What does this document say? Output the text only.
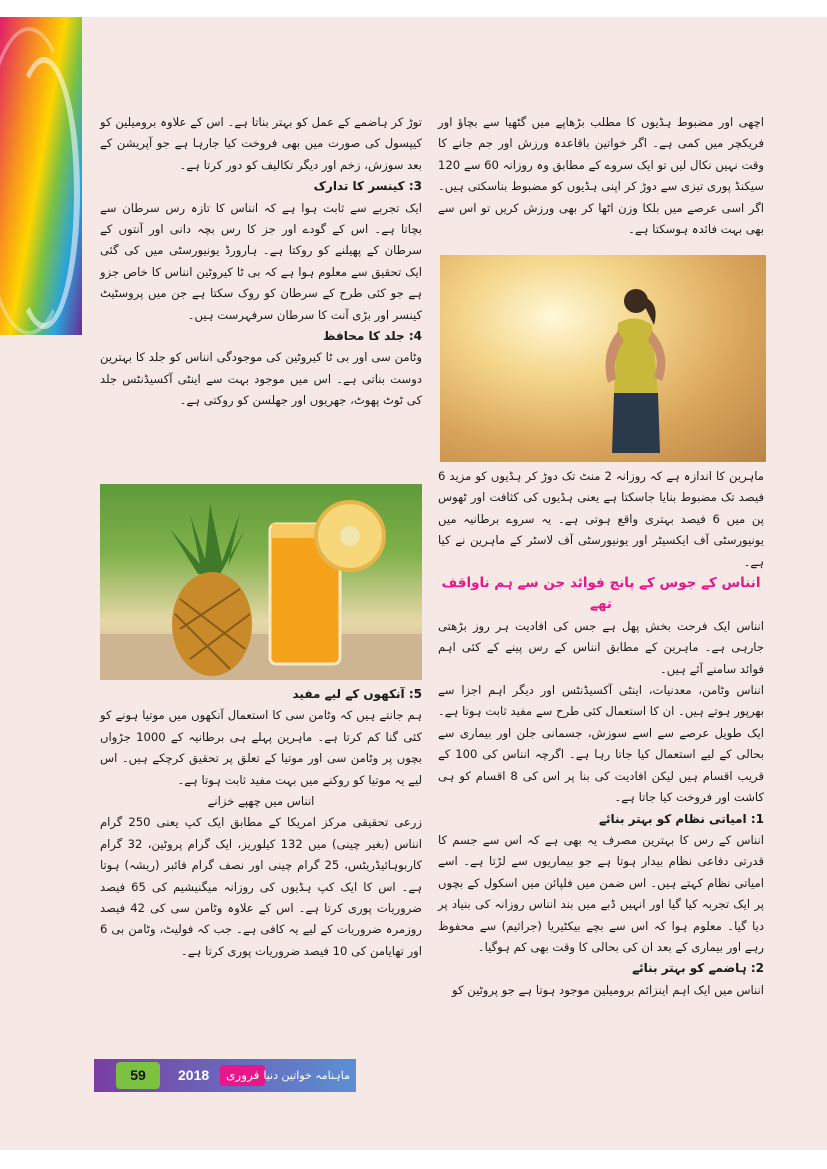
اچھی اور مضبوط ہڈیوں کا مطلب بڑھاپے میں گٹھیا سے بچاؤ اور فریکچر میں کمی ہے۔ اگر خواتین باقاعدہ ورزش اور جم جانے کا وقت نہیں نکال لیں تو ایک سروے کے مطابق وہ روزانہ 60 سے 120 سیکنڈ پوری تیزی سے دوڑ کر اپنی ہڈیوں کو مضبوط بناسکتی ہیں۔ اگر اسی عرصے میں بلکا وزن اٹھا کر بھی ورزش کریں تو اس سے بھی بہت فائدہ ہوسکتا ہے۔

ماہرین کا اندازہ ہے کہ روزانہ 2 منٹ تک دوڑ کر ہڈیوں کو مزید 6 فیصد تک مضبوط بنایا جاسکتا ہے یعنی ہڈیوں کی کثافت اور ٹھوس پن میں 6 فیصد بہتری واقع ہوتی ہے۔ یہ سروے برطانیہ میں یونیورسٹی آف ایکسیٹر اور یونیورسٹی آف لاسٹر کے ماہرین نے کیا ہے۔

انناس کے جوس کے پانچ فوائد جن سے ہم ناواقف تھے

انناس ایک فرحت بخش پھل ہے جس کی افادیت ہر روز بڑھتی جارہی ہے۔ ماہرین کے مطابق انناس کے رس پینے کے کئی اہم فوائد سامنے آئے ہیں۔

انناس وٹامن، معدنیات، اینٹی آکسیڈنٹس اور دیگر اہم اجزا سے بھرپور ہوتے ہیں۔ ان کا استعمال کئی طرح سے مفید ثابت ہوتا ہے۔ ایک طویل عرصے سے اسے سوزش، جسمانی جلن اور بیماری سے بحالی کے لیے استعمال کیا جاتا رہا ہے۔ اگرچہ انناس کی 100 کے قریب اقسام ہیں لیکن افادیت کی بنا پر اس کی 8 اقسام کو ہی کاشت اور فروخت کیا جاتا ہے۔

1: امیاتی نظام کو بہتر بنائے

انناس کے رس کا بہترین مصرف یہ بھی ہے کہ اس سے جسم کا قدرتی دفاعی نظام بیدار ہوتا ہے جو بیماریوں سے لڑتا ہے۔ اسے امیاتی نظام کہتے ہیں۔ اس ضمن میں فلپائن میں اسکول کے بچوں پر ایک تجربہ کیا گیا اور انہیں ڈبے میں بند انناس روزانہ کی بنیاد پر دیا گیا۔ معلوم ہوا کہ اس سے بچے بیکٹیریا (جراثیم) سے محفوظ رہے اور بیماری کے بعد ان کی بحالی کا وقت بھی کم ہوگیا۔

2: ہاضمے کو بہتر بنائے

انناس میں ایک اہم اینزائم برومیلین موجود ہوتا ہے جو پروٹین کو

توڑ کر ہاضمے کے عمل کو بہتر بناتا ہے۔ اس کے علاوہ برومیلین کو کیپسول کی صورت میں بھی فروخت کیا جارہا ہے جو آپریشن کے بعد سوزش، زخم اور دیگر تکالیف کو دور کرتا ہے۔

3: کینسر کا تدارک

ایک تجربے سے ثابت ہوا ہے کہ انناس کا تازہ رس سرطان سے بچاتا ہے۔ اس کے گودے اور جز کا رس بچہ دانی اور آنتوں کے سرطان کے پھیلنے کو روکتا ہے۔ ہارورڈ یونیورسٹی میں کی گئی ایک تحقیق سے معلوم ہوا ہے کہ بی ٹا کیروٹین انناس کا خاص جزو ہے جو کئی طرح کے سرطان کو روک سکتا ہے جن میں پروسٹیٹ کینسر اور بڑی آنت کا سرطان سرفہرست ہیں۔

4: جلد کا محافظ

وٹامن سی اور بی ٹا کیروٹین کی موجودگی انناس کو جلد کا بہترین دوست بناتی ہے۔ اس میں موجود بہت سے اینٹی آکسیڈنٹس جلد کی ٹوٹ پھوٹ، جھریوں اور جھلسن کو روکتی ہے۔

5: آنکھوں کے لیے مفید

ہم جانتے ہیں کہ وٹامن سی کا استعمال آنکھوں میں موتیا ہونے کو کئی گنا کم کرتا ہے۔ ماہرین پہلے ہی برطانیہ کے 1000 جڑواں بچوں پر وٹامن سی اور موتیا کے تعلق پر تحقیق کرچکے ہیں۔ اس لیے یہ موتیا کو روکنے میں بہت مفید ثابت ہوتا ہے۔

انناس میں چھپے خزانے

زرعی تحقیقی مرکز امریکا کے مطابق ایک کپ یعنی 250 گرام انناس (بغیر چینی) میں 132 کیلوریز، ایک گرام پروٹین، 32 گرام کاربوہائیڈریٹس، 25 گرام چینی اور نصف گرام فائبر (ریشہ) ہوتا ہے۔ اس کا ایک کپ ہڈیوں کی روزانہ میگنیشیم کی 65 فیصد ضروریات پوری کرتا ہے۔ اس کے علاوہ وٹامن سی کی 42 فیصد روزمرہ ضروریات کے لیے یہ کافی ہے۔ جب کہ فولیٹ، وٹامن بی 6 اور تھایامن کی 10 فیصد ضروریات پوری کرتا ہے۔

59	2018	فروری ماہنامہ خواتین دنیا
